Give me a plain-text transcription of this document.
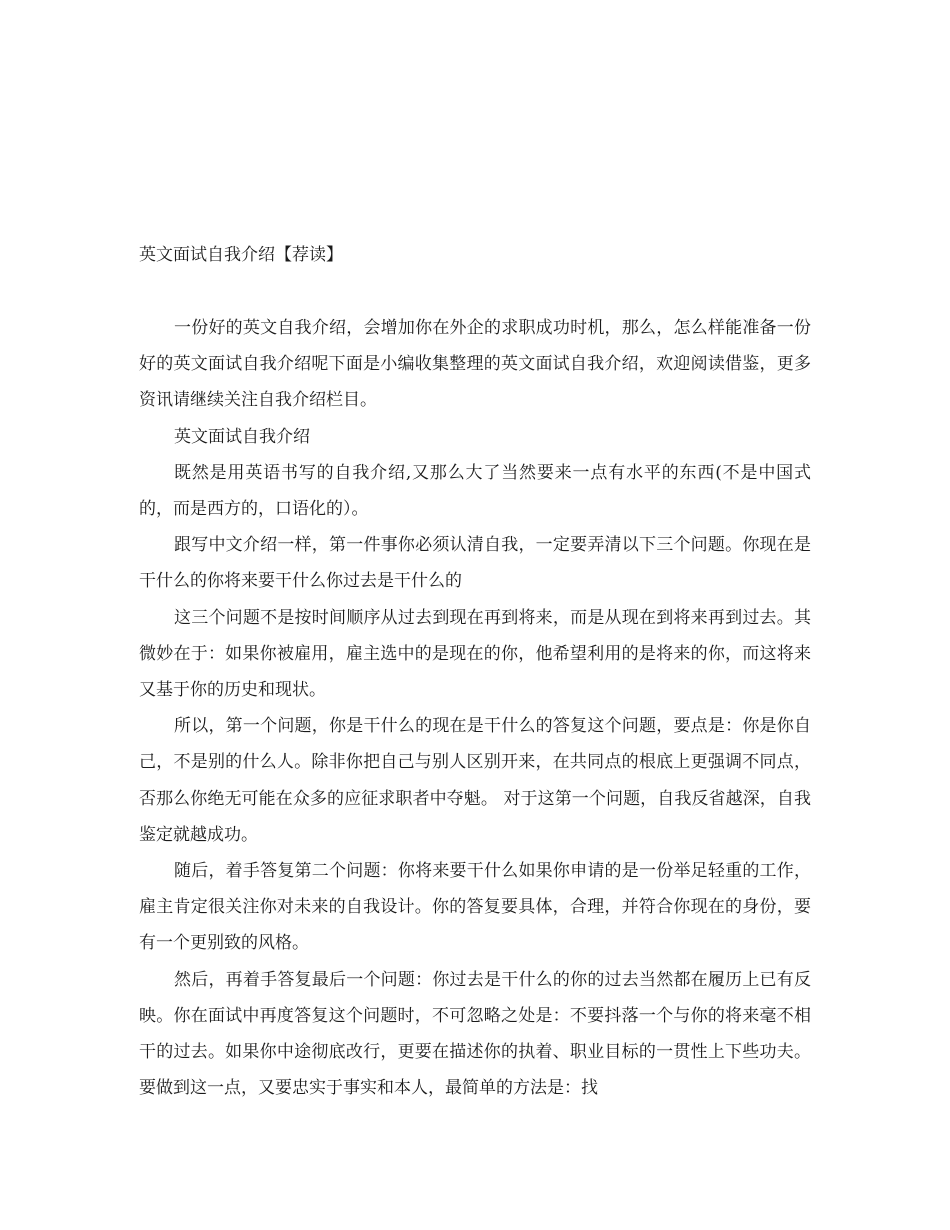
英文面试自我介绍【荐读】

一份好的英文自我介绍，会增加你在外企的求职成功时机，那么，怎么样能准备一份好的英文面试自我介绍呢下面是小编收集整理的英文面试自我介绍，欢迎阅读借鉴，更多资讯请继续关注自我介绍栏目。

英文面试自我介绍

既然是用英语书写的自我介绍,又那么大了当然要来一点有水平的东西(不是中国式的，而是西方的，口语化的）。

跟写中文介绍一样，第一件事你必须认清自我，一定要弄清以下三个问题。你现在是干什么的你将来要干什么你过去是干什么的

这三个问题不是按时间顺序从过去到现在再到将来，而是从现在到将来再到过去。其微妙在于：如果你被雇用，雇主选中的是现在的你，他希望利用的是将来的你，而这将来又基于你的历史和现状。

所以，第一个问题，你是干什么的现在是干什么的答复这个问题，要点是：你是你自己，不是别的什么人。除非你把自己与别人区别开来，在共同点的根底上更强调不同点，否那么你绝无可能在众多的应征求职者中夺魁。 对于这第一个问题，自我反省越深，自我鉴定就越成功。

随后，着手答复第二个问题：你将来要干什么如果你申请的是一份举足轻重的工作，雇主肯定很关注你对未来的自我设计。你的答复要具体，合理，并符合你现在的身份，要有一个更别致的风格。

然后，再着手答复最后一个问题：你过去是干什么的你的过去当然都在履历上已有反映。你在面试中再度答复这个问题时，不可忽略之处是：不要抖落一个与你的将来毫不相干的过去。如果你中途彻底改行，更要在描述你的执着、职业目标的一贯性上下些功夫。要做到这一点，又要忠实于事实和本人，最简单的方法是：找
